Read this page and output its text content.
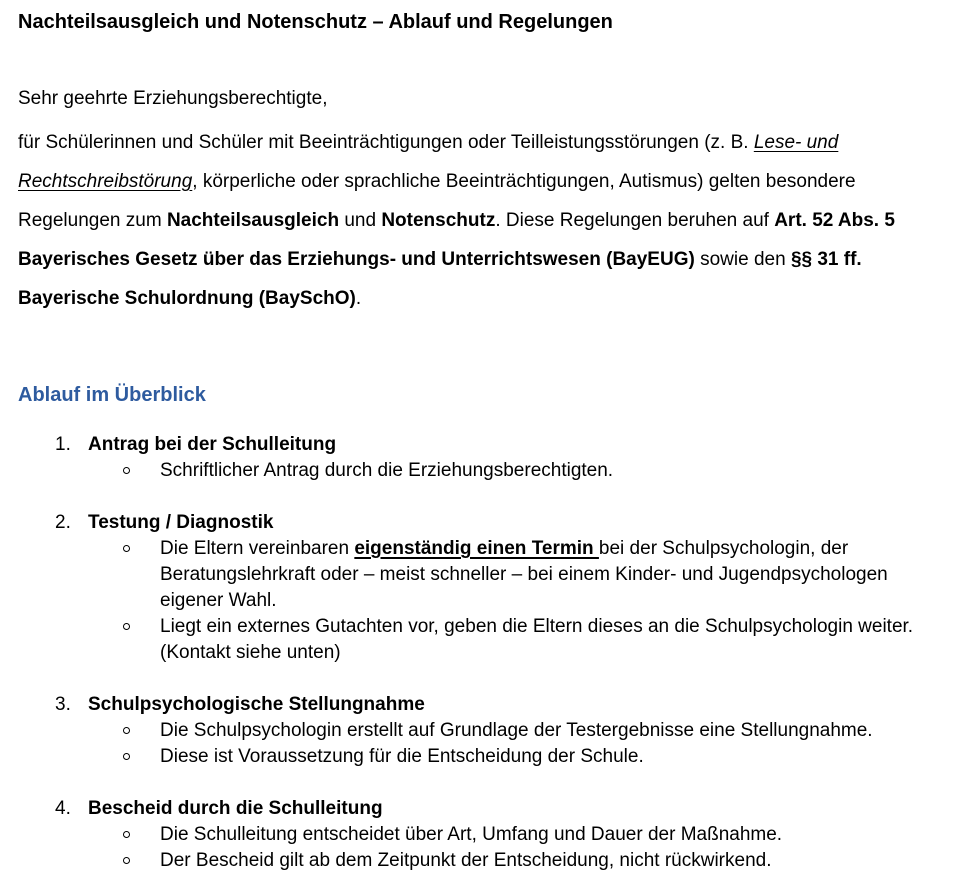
Nachteilsausgleich und Notenschutz – Ablauf und Regelungen

Sehr geehrte Erziehungsberechtigte,

für Schülerinnen und Schüler mit Beeinträchtigungen oder Teilleistungsstörungen (z. B. Lese- und Rechtschreibstörung, körperliche oder sprachliche Beeinträchtigungen, Autismus) gelten besondere Regelungen zum Nachteilsausgleich und Notenschutz. Diese Regelungen beruhen auf Art. 52 Abs. 5 Bayerisches Gesetz über das Erziehungs- und Unterrichtswesen (BayEUG) sowie den §§ 31 ff. Bayerische Schulordnung (BaySchO).

Ablauf im Überblick
1. Antrag bei der Schulleitung
Schriftlicher Antrag durch die Erziehungsberechtigten.
2. Testung / Diagnostik
Die Eltern vereinbaren eigenständig einen Termin bei der Schulpsychologin, der Beratungslehrkraft oder – meist schneller – bei einem Kinder- und Jugendpsychologen eigener Wahl.
Liegt ein externes Gutachten vor, geben die Eltern dieses an die Schulpsychologin weiter. (Kontakt siehe unten)
3. Schulpsychologische Stellungnahme
Die Schulpsychologin erstellt auf Grundlage der Testergebnisse eine Stellungnahme.
Diese ist Voraussetzung für die Entscheidung der Schule.
4. Bescheid durch die Schulleitung
Die Schulleitung entscheidet über Art, Umfang und Dauer der Maßnahme.
Der Bescheid gilt ab dem Zeitpunkt der Entscheidung, nicht rückwirkend.
